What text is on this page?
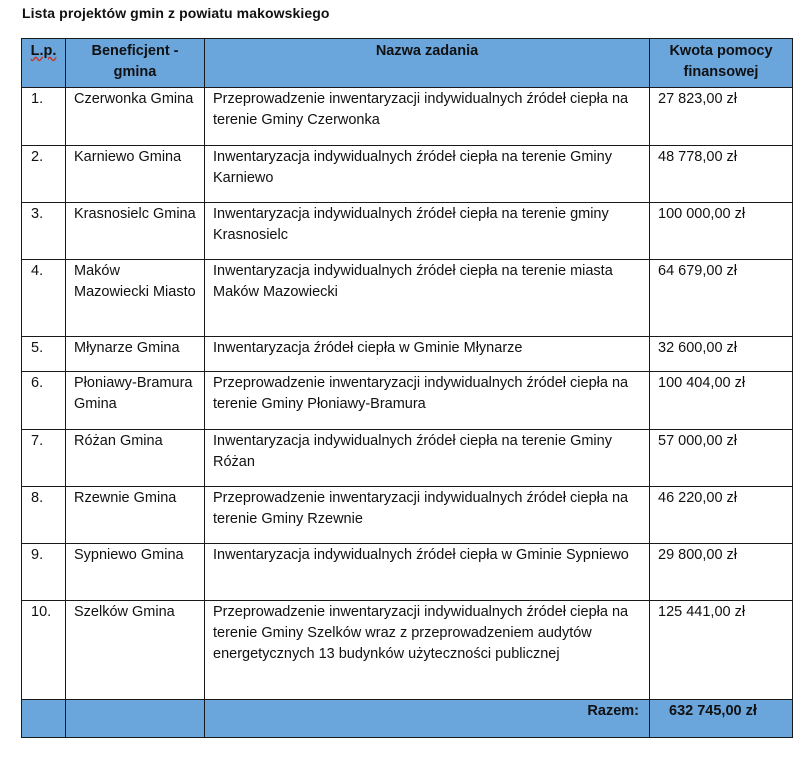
Lista projektów gmin z powiatu makowskiego
L.p.	Beneficjent - gmina	Nazwa zadania	Kwota pomocy finansowej
1.	Czerwonka Gmina	Przeprowadzenie inwentaryzacji indywidualnych źródeł ciepła na terenie Gminy Czerwonka	27 823,00 zł
2.	Karniewo Gmina	Inwentaryzacja indywidualnych źródeł ciepła na terenie Gminy Karniewo	48 778,00 zł
3.	Krasnosielc Gmina	Inwentaryzacja indywidualnych źródeł ciepła na terenie gminy Krasnosielc	100 000,00 zł
4.	Maków Mazowiecki Miasto	Inwentaryzacja indywidualnych źródeł ciepła na terenie miasta Maków Mazowiecki	64 679,00 zł
5.	Młynarze Gmina	Inwentaryzacja źródeł ciepła w Gminie Młynarze	32 600,00 zł
6.	Płoniawy-Bramura Gmina	Przeprowadzenie inwentaryzacji indywidualnych źródeł ciepła na terenie Gminy Płoniawy-Bramura	100 404,00 zł
7.	Różan Gmina	Inwentaryzacja indywidualnych źródeł ciepła na terenie Gminy Różan	57 000,00 zł
8.	Rzewnie Gmina	Przeprowadzenie inwentaryzacji indywidualnych źródeł ciepła na terenie Gminy Rzewnie	46 220,00 zł
9.	Sypniewo Gmina	Inwentaryzacja indywidualnych źródeł ciepła w Gminie Sypniewo	29 800,00 zł
10.	Szelków Gmina	Przeprowadzenie inwentaryzacji indywidualnych źródeł ciepła na terenie Gminy Szelków wraz z przeprowadzeniem audytów energetycznych 13 budynków użyteczności publicznej	125 441,00 zł
		Razem:	632 745,00 zł
